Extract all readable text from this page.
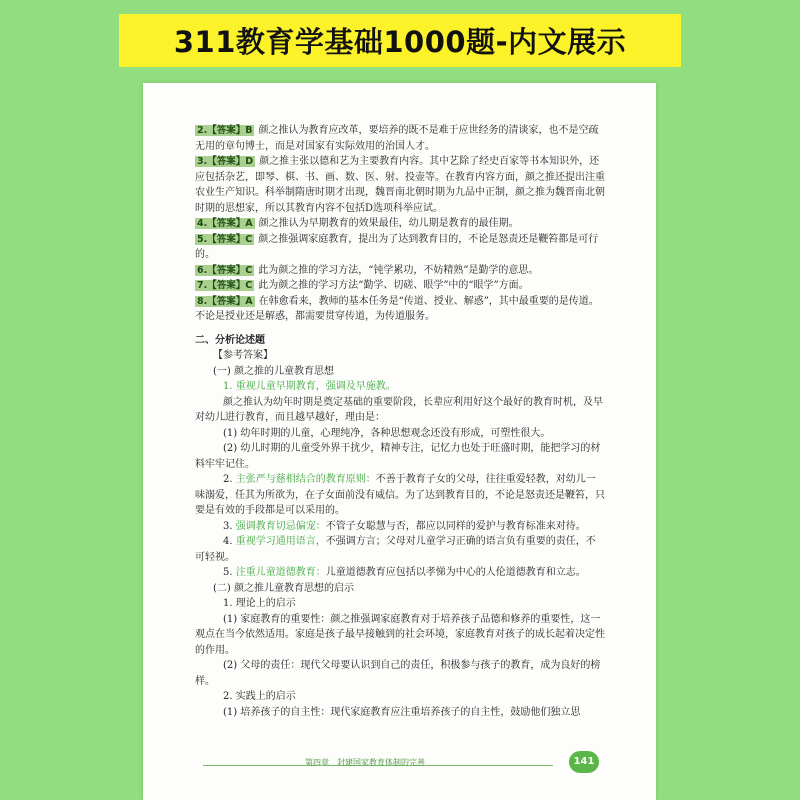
311教育学基础1000题-内文展示

2.【答案】B 颜之推认为教育应改革，要培养的既不是难于应世经务的清谈家，也不是空疏无用的章句博士，而是对国家有实际效用的治国人才。

3.【答案】D 颜之推主张以德和艺为主要教育内容。其中艺除了经史百家等书本知识外，还应包括杂艺，即琴、棋、书、画、数、医、射、投壶等。在教育内容方面，颜之推还提出注重农业生产知识。科举制隋唐时期才出现，魏晋南北朝时期为九品中正制，颜之推为魏晋南北朝时期的思想家，所以其教育内容不包括D选项科举应试。

4.【答案】A 颜之推认为早期教育的效果最佳，幼儿期是教育的最佳期。

5.【答案】C 颜之推强调家庭教育，提出为了达到教育目的，不论是怒责还是鞭笞都是可行的。

6.【答案】C 此为颜之推的学习方法，“钝学累功，不妨精熟”是勤学的意思。

7.【答案】C 此为颜之推的学习方法“勤学、切磋、眼学”中的“眼学”方面。

8.【答案】A 在韩愈看来，教师的基本任务是“传道、授业、解惑”，其中最重要的是传道。不论是授业还是解惑，都需要贯穿传道，为传道服务。

二、分析论述题
【参考答案】
(一) 颜之推的儿童教育思想
1. 重视儿童早期教育，强调及早施教。

颜之推认为幼年时期是奠定基础的重要阶段，长辈应利用好这个最好的教育时机，及早对幼儿进行教育，而且越早越好，理由是：

(1) 幼年时期的儿童，心理纯净，各种思想观念还没有形成，可塑性很大。

(2) 幼儿时期的儿童受外界干扰少，精神专注，记忆力也处于旺盛时期，能把学习的材料牢牢记住。

2. 主张严与慈相结合的教育原则：不善于教育子女的父母，往往重爱轻教，对幼儿一味溺爱，任其为所欲为，在子女面前没有威信。为了达到教育目的，不论是怒责还是鞭笞，只要是有效的手段都是可以采用的。

3. 强调教育切忌偏宠：不管子女聪慧与否，都应以同样的爱护与教育标准来对待。

4. 重视学习通用语言，不强调方言；父母对儿童学习正确的语言负有重要的责任，不可轻视。

5. 注重儿童道德教育：儿童道德教育应包括以孝悌为中心的人伦道德教育和立志。

(二) 颜之推儿童教育思想的启示
1. 理论上的启示

(1) 家庭教育的重要性：颜之推强调家庭教育对于培养孩子品德和修养的重要性，这一观点在当今依然适用。家庭是孩子最早接触到的社会环境，家庭教育对孩子的成长起着决定性的作用。

(2) 父母的责任：现代父母要认识到自己的责任，积极参与孩子的教育，成为良好的榜样。

2. 实践上的启示

(1) 培养孩子的自主性：现代家庭教育应注重培养孩子的自主性，鼓励他们独立思

第四章　封建国家教育体制的完善	141
